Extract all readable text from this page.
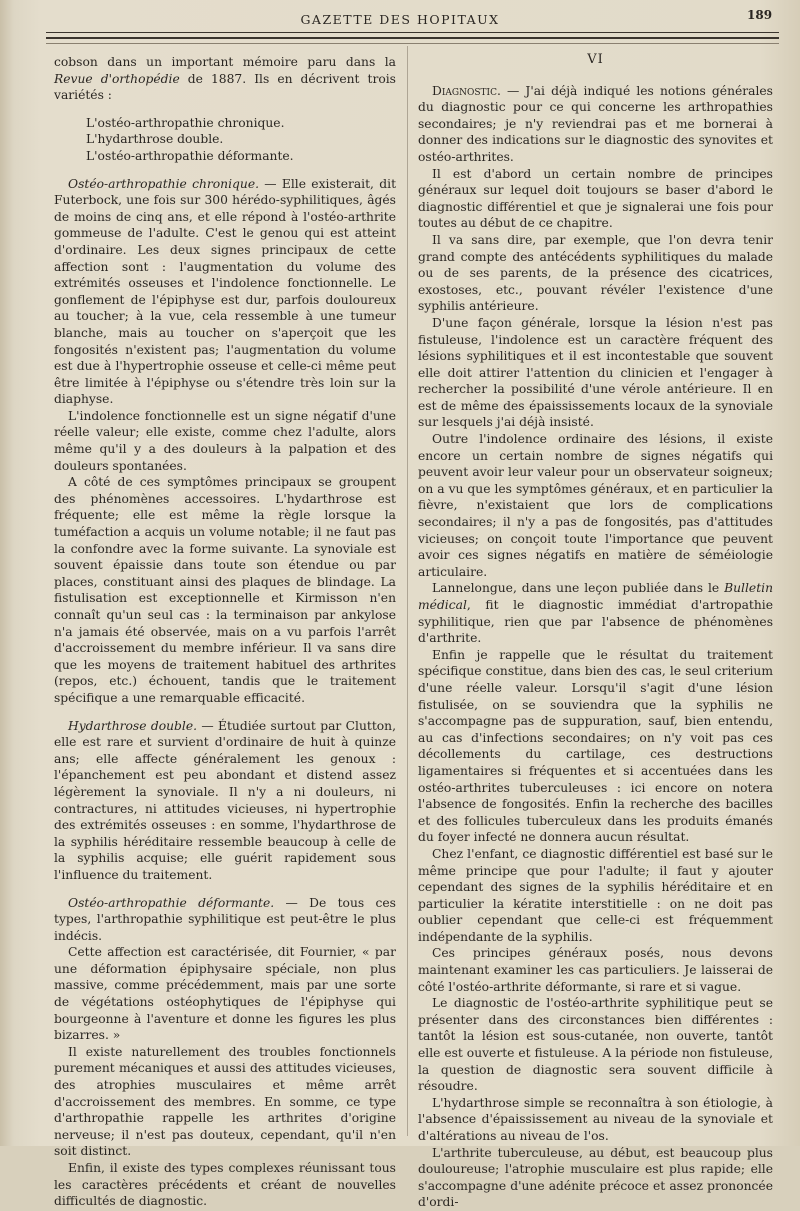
GAZETTE DES HOPITAUX	189

cobson dans un important mémoire paru dans la Revue d'orthopédie de 1887. Ils en décrivent trois variétés :

L'ostéo-arthropathie chronique.

L'hydarthrose double.

L'ostéo-arthropathie déformante.

Ostéo-arthropathie chronique. — Elle existerait, dit Futerbock, une fois sur 300 hérédo-syphilitiques, âgés de moins de cinq ans, et elle répond à l'ostéo-arthrite gommeuse de l'adulte. C'est le genou qui est atteint d'ordinaire. Les deux signes principaux de cette affection sont : l'augmentation du volume des extrémités osseuses et l'indolence fonctionnelle. Le gonflement de l'épiphyse est dur, parfois douloureux au toucher; à la vue, cela ressemble à une tumeur blanche, mais au toucher on s'aperçoit que les fongosités n'existent pas; l'augmentation du volume est due à l'hypertrophie osseuse et celle-ci même peut être limitée à l'épiphyse ou s'étendre très loin sur la diaphyse.

L'indolence fonctionnelle est un signe négatif d'une réelle valeur; elle existe, comme chez l'adulte, alors même qu'il y a des douleurs à la palpation et des douleurs spontanées.

A côté de ces symptômes principaux se groupent des phénomènes accessoires. L'hydarthrose est fréquente; elle est même la règle lorsque la tuméfaction a acquis un volume notable; il ne faut pas la confondre avec la forme suivante. La synoviale est souvent épaissie dans toute son étendue ou par places, constituant ainsi des plaques de blindage. La fistulisation est exceptionnelle et Kirmisson n'en connaît qu'un seul cas : la terminaison par ankylose n'a jamais été observée, mais on a vu parfois l'arrêt d'accroissement du membre inférieur. Il va sans dire que les moyens de traitement habituel des arthrites (repos, etc.) échouent, tandis que le traitement spécifique a une remarquable efficacité.

Hydarthrose double. — Étudiée surtout par Clutton, elle est rare et survient d'ordinaire de huit à quinze ans; elle affecte généralement les genoux : l'épanchement est peu abondant et distend assez légèrement la synoviale. Il n'y a ni douleurs, ni contractures, ni attitudes vicieuses, ni hypertrophie des extrémités osseuses : en somme, l'hydarthrose de la syphilis héréditaire ressemble beaucoup à celle de la syphilis acquise; elle guérit rapidement sous l'influence du traitement.

Ostéo-arthropathie déformante. — De tous ces types, l'arthropathie syphilitique est peut-être le plus indécis.

Cette affection est caractérisée, dit Fournier, « par une déformation épiphysaire spéciale, non plus massive, comme précédemment, mais par une sorte de végétations ostéophytiques de l'épiphyse qui bourgeonne à l'aventure et donne les figures les plus bizarres. »

Il existe naturellement des troubles fonctionnels purement mécaniques et aussi des attitudes vicieuses, des atrophies musculaires et même arrêt d'accroissement des membres. En somme, ce type d'arthropathie rappelle les arthrites d'origine nerveuse; il n'est pas douteux, cependant, qu'il n'en soit distinct.

Enfin, il existe des types complexes réunissant tous les caractères précédents et créant de nouvelles difficultés de diagnostic.

VI

Diagnostic. — J'ai déjà indiqué les notions générales du diagnostic pour ce qui concerne les arthropathies secondaires; je n'y reviendrai pas et me bornerai à donner des indications sur le diagnostic des synovites et ostéo-arthrites.

Il est d'abord un certain nombre de principes généraux sur lequel doit toujours se baser d'abord le diagnostic différentiel et que je signalerai une fois pour toutes au début de ce chapitre.

Il va sans dire, par exemple, que l'on devra tenir grand compte des antécédents syphilitiques du malade ou de ses parents, de la présence des cicatrices, exostoses, etc., pouvant révéler l'existence d'une syphilis antérieure.

D'une façon générale, lorsque la lésion n'est pas fistuleuse, l'indolence est un caractère fréquent des lésions syphilitiques et il est incontestable que souvent elle doit attirer l'attention du clinicien et l'engager à rechercher la possibilité d'une vérole antérieure. Il en est de même des épaississements locaux de la synoviale sur lesquels j'ai déjà insisté.

Outre l'indolence ordinaire des lésions, il existe encore un certain nombre de signes négatifs qui peuvent avoir leur valeur pour un observateur soigneux; on a vu que les symptômes généraux, et en particulier la fièvre, n'existaient que lors de complications secondaires; il n'y a pas de fongosités, pas d'attitudes vicieuses; on conçoit toute l'importance que peuvent avoir ces signes négatifs en matière de séméiologie articulaire.

Lannelongue, dans une leçon publiée dans le Bulletin médical, fit le diagnostic immédiat d'artropathie syphilitique, rien que par l'absence de phénomènes d'arthrite.

Enfin je rappelle que le résultat du traitement spécifique constitue, dans bien des cas, le seul criterium d'une réelle valeur. Lorsqu'il s'agit d'une lésion fistulisée, on se souviendra que la syphilis ne s'accompagne pas de suppuration, sauf, bien entendu, au cas d'infections secondaires; on n'y voit pas ces décollements du cartilage, ces destructions ligamentaires si fréquentes et si accentuées dans les ostéo-arthrites tuberculeuses : ici encore on notera l'absence de fongosités. Enfin la recherche des bacilles et des follicules tuberculeux dans les produits émanés du foyer infecté ne donnera aucun résultat.

Chez l'enfant, ce diagnostic différentiel est basé sur le même principe que pour l'adulte; il faut y ajouter cependant des signes de la syphilis héréditaire et en particulier la kératite interstitielle : on ne doit pas oublier cependant que celle-ci est fréquemment indépendante de la syphilis.

Ces principes généraux posés, nous devons maintenant examiner les cas particuliers. Je laisserai de côté l'ostéo-arthrite déformante, si rare et si vague.

Le diagnostic de l'ostéo-arthrite syphilitique peut se présenter dans des circonstances bien différentes : tantôt la lésion est sous-cutanée, non ouverte, tantôt elle est ouverte et fistuleuse. A la période non fistuleuse, la question de diagnostic sera souvent difficile à résoudre.

L'hydarthrose simple se reconnaîtra à son étiologie, à l'absence d'épaississement au niveau de la synoviale et d'altérations au niveau de l'os.

L'arthrite tuberculeuse, au début, est beaucoup plus douloureuse; l'atrophie musculaire est plus rapide; elle s'accompagne d'une adénite précoce et assez prononcée d'ordi-
